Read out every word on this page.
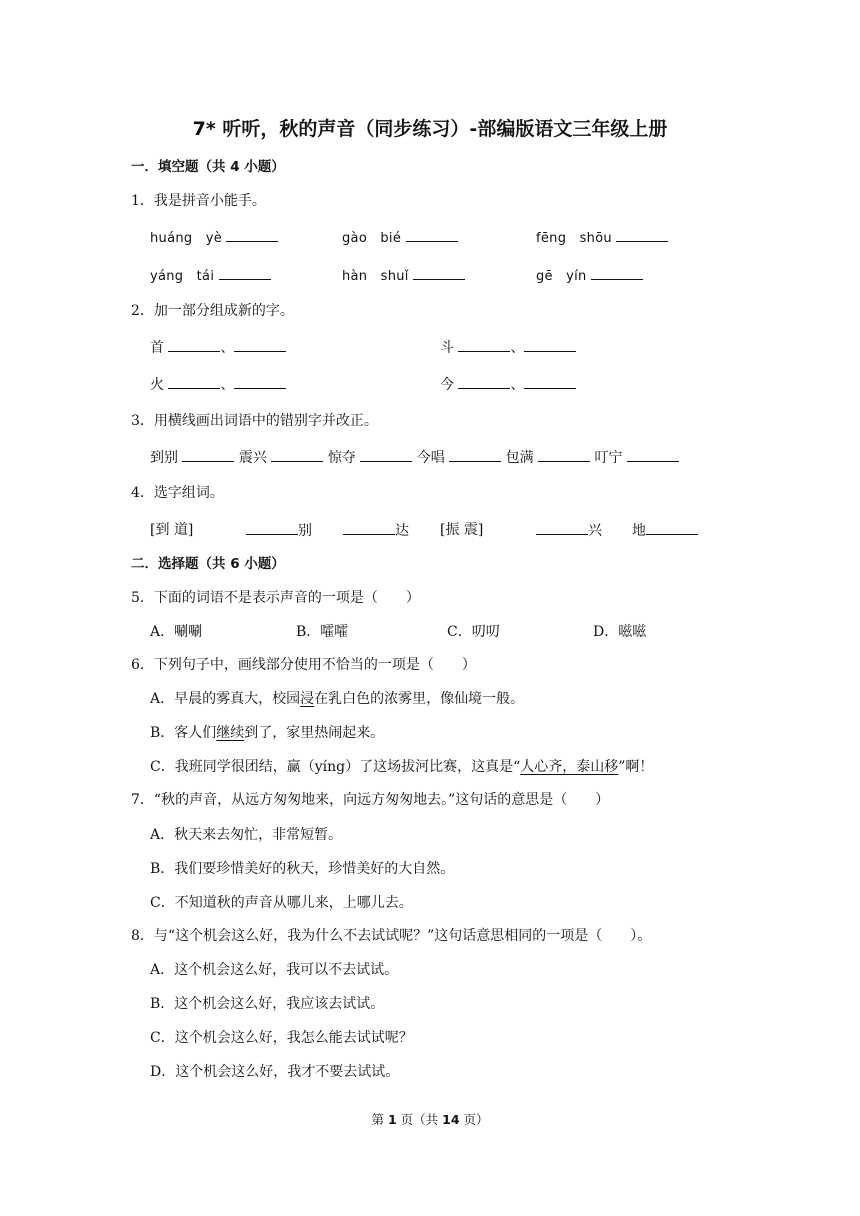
7* 听听，秋的声音（同步练习）-部编版语文三年级上册
一．填空题（共 4 小题）
1．我是拼音小能手。
huáng　yè	gào　bié	fēng　shōu
yáng　tái	hàn　shuǐ	gē　yín
2．加一部分组成新的字。
首	、	斗	、
火	、	今	、
3．用横线画出词语中的错别字并改正。
到别	震兴	惊夺	今唱	包满	叮宁
4．选字组词。
[到 道]	别	达 [振 震]	兴 地
二．选择题（共 6 小题）
5．下面的词语不是表示声音的一项是（　　）
A．唰唰	B．嚯嚯	C．叨叨	D．嗞嗞
6．下列句子中，画线部分使用不恰当的一项是（　　）
A．早晨的雾真大，校园浸在乳白色的浓雾里，像仙境一般。
B．客人们继续到了，家里热闹起来。
C．我班同学很团结，赢（yíng）了这场拔河比赛，这真是“人心齐，泰山移”啊！
7．“秋的声音，从远方匆匆地来，向远方匆匆地去。”这句话的意思是（　　）
A．秋天来去匆忙，非常短暂。
B．我们要珍惜美好的秋天，珍惜美好的大自然。
C．不知道秋的声音从哪儿来，上哪儿去。
8．与“这个机会这么好，我为什么不去试试呢？”这句话意思相同的一项是（　　）。
A．这个机会这么好，我可以不去试试。
B．这个机会这么好，我应该去试试。
C．这个机会这么好，我怎么能去试试呢？
D．这个机会这么好，我才不要去试试。
第 1 页（共 14 页）
